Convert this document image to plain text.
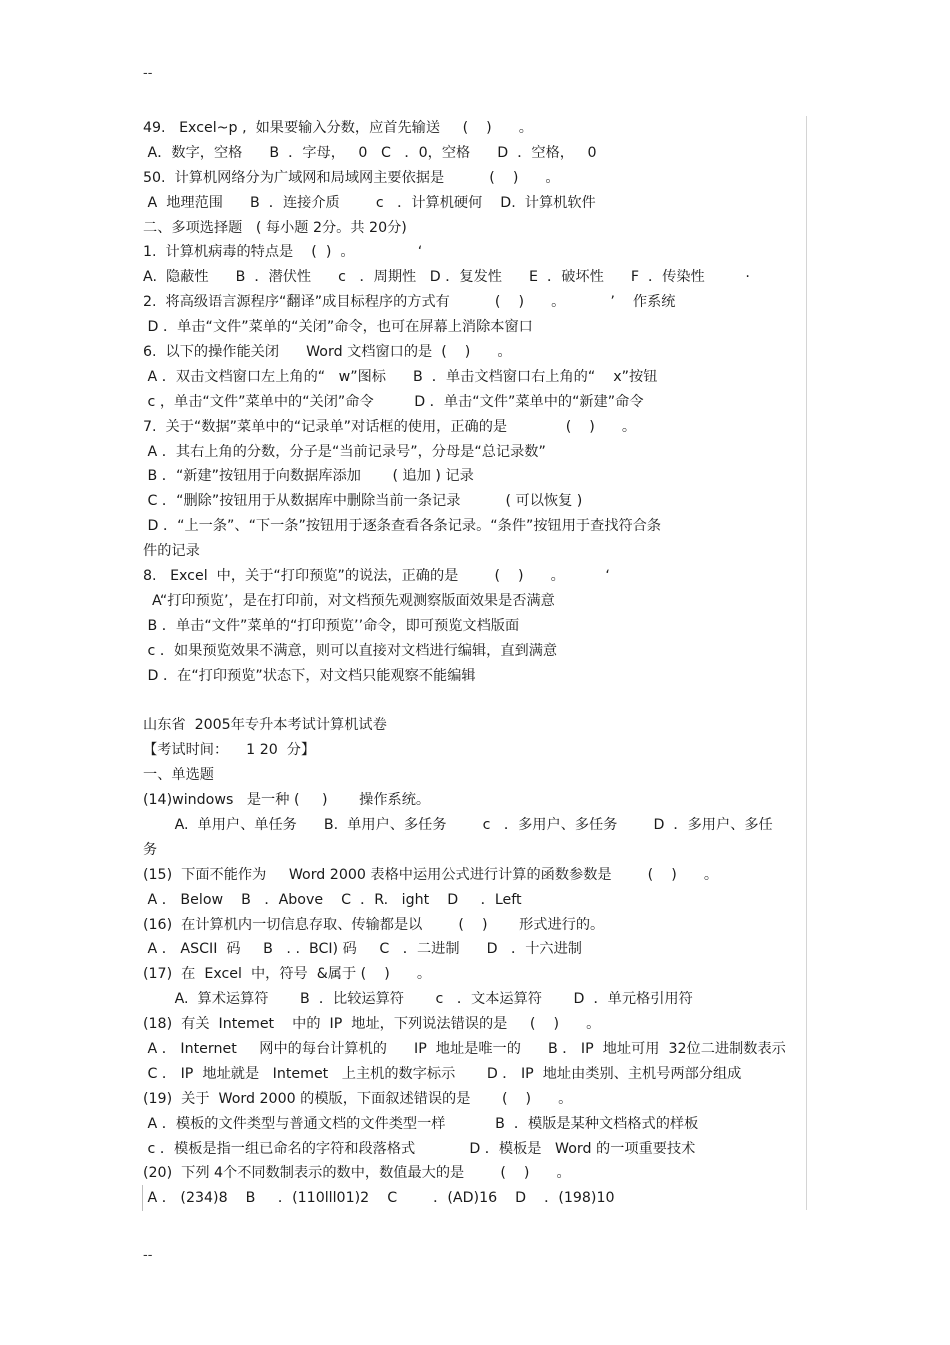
--
49.   Excel~p ,  如果要输入分数，应首先输送     (    )      。
A．数字，空格      B  ．字母，   0   C   ．0，空格      D  ．空格，   0
50.  计算机网络分为广域网和局域网主要依据是          (    )      。
A  地理范围      B  ．连接介质        c   ．计算机硬何    D.  计算机软件
二、多项选择题   ( 每小题 2分。共 20分)
1.  计算机病毒的特点是    (  )  。              ‘
A.  隐蔽性      B  ．潜伏性      c   ．周期性   D ．复发性      E  ．破坏性      F  ．传染性         ·
2.  将高级语言源程序“翻译”成目标程序的方式有          (    )      。          ’    作系统
D ．单击“文件”菜单的“关闭”命令，也可在屏幕上消除本窗口
6.  以下的操作能关闭      Word 文档窗口的是  (    )      。
A ．双击文档窗口左上角的“   w”图标      B  ．单击文档窗口右上角的“    x”按钮
c ，单击“文件”菜单中的“关闭”命令         D ．单击“文件”菜单中的“新建”命令
7.  关于“数据”菜单中的“记录单”对话框的使用，正确的是             (    )      。
A ．其右上角的分数，分子是“当前记录号”，分母是“总记录数”
B ．“新建”按钮用于向数据库添加       ( 追加 ) 记录
C ．“删除”按钮用于从数据库中删除当前一条记录          ( 可以恢复 )
D ．“上一条”、“下一条”按钮用于逐条查看各条记录。“条件”按钮用于查找符合条
件的记录
8.   Excel  中，关于“打印预览”的说法，正确的是        (    )      。         ‘
A“打印预览’，是在打印前，对文档预先观测察版面效果是否满意
B ．单击“文件”菜单的“打印预览’’命令，即可预览文档版面
c ．如果预览效果不满意，则可以直接对文档进行编辑，直到满意
D ．在“打印预览”状态下，对文档只能观察不能编辑
山东省  2005年专升本考试计算机试卷
【考试时间：    1 20  分】
一、单选题
(14)windows   是一种 (     )       操作系统。
A.  单用户、单任务      B.  单用户、多任务        c   ．多用户、多任务        D  ．多用户、多任
务
(15)  下面不能作为     Word 2000 表格中运用公式进行计算的函数参数是        (    )      。
A ． Below    B   ．Above    C  ．R.   ight    D     ．Left
(16)  在计算机内一切信息存取、传输都是以        (    )       形式进行的。
A ． ASCII  码     B   . .  BCI) 码     C   ．二进制      D   ．十六进制
(17)  在  Excel  中，符号  &属于 (    )      。
A.  算术运算符       B  ．比较运算符       c   ．文本运算符       D  ．单元格引用符
(18)  有关  Intemet    中的  IP  地址，下列说法错误的是     (    )      。
A ． Internet     网中的每台计算机的      IP  地址是唯一的      B ． IP  地址可用  32位二进制数表示
C ． IP  地址就是   Intemet   上主机的数字标示       D ． IP  地址由类别、主机号两部分组成
(19)  关于  Word 2000 的模版，下面叙述错误的是       (    )      。
A ．模板的文件类型与普通文档的文件类型一样           B  ．模版是某种文档格式的样板
c ．模板是指一组已命名的字符和段落格式            D ．模板是   Word 的一项重要技术
(20)  下列 4个不同数制表示的数中，数值最大的是        (    )      。
A ． (234)8    B     ．(110lll01)2    C        ．(AD)16    D    ．(198)10
--
